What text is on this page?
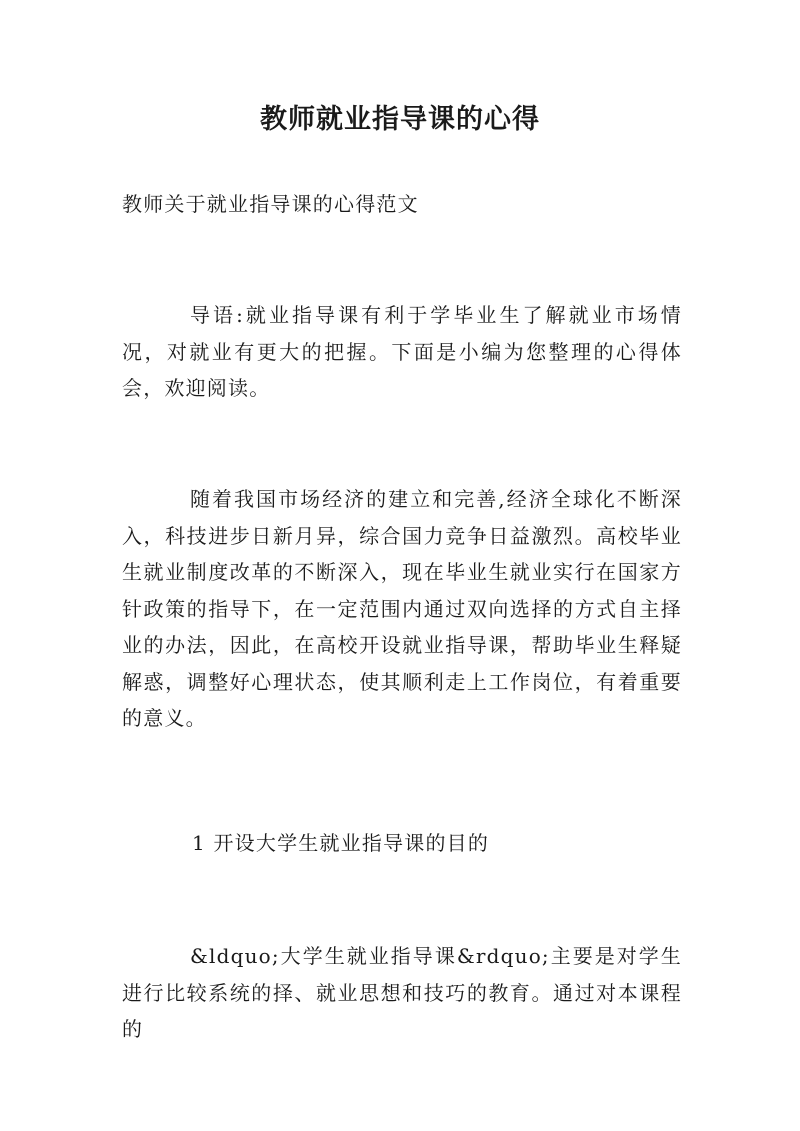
教师就业指导课的心得

教师关于就业指导课的心得范文

导语:就业指导课有利于学毕业生了解就业市场情况，对就业有更大的把握。下面是小编为您整理的心得体会，欢迎阅读。

随着我国市场经济的建立和完善,经济全球化不断深入，科技进步日新月异，综合国力竞争日益激烈。高校毕业生就业制度改革的不断深入，现在毕业生就业实行在国家方针政策的指导下，在一定范围内通过双向选择的方式自主择业的办法，因此，在高校开设就业指导课，帮助毕业生释疑解惑，调整好心理状态，使其顺利走上工作岗位，有着重要的意义。

1 开设大学生就业指导课的目的

&ldquo;大学生就业指导课&rdquo;主要是对学生进行比较系统的择、就业思想和技巧的教育。通过对本课程的
